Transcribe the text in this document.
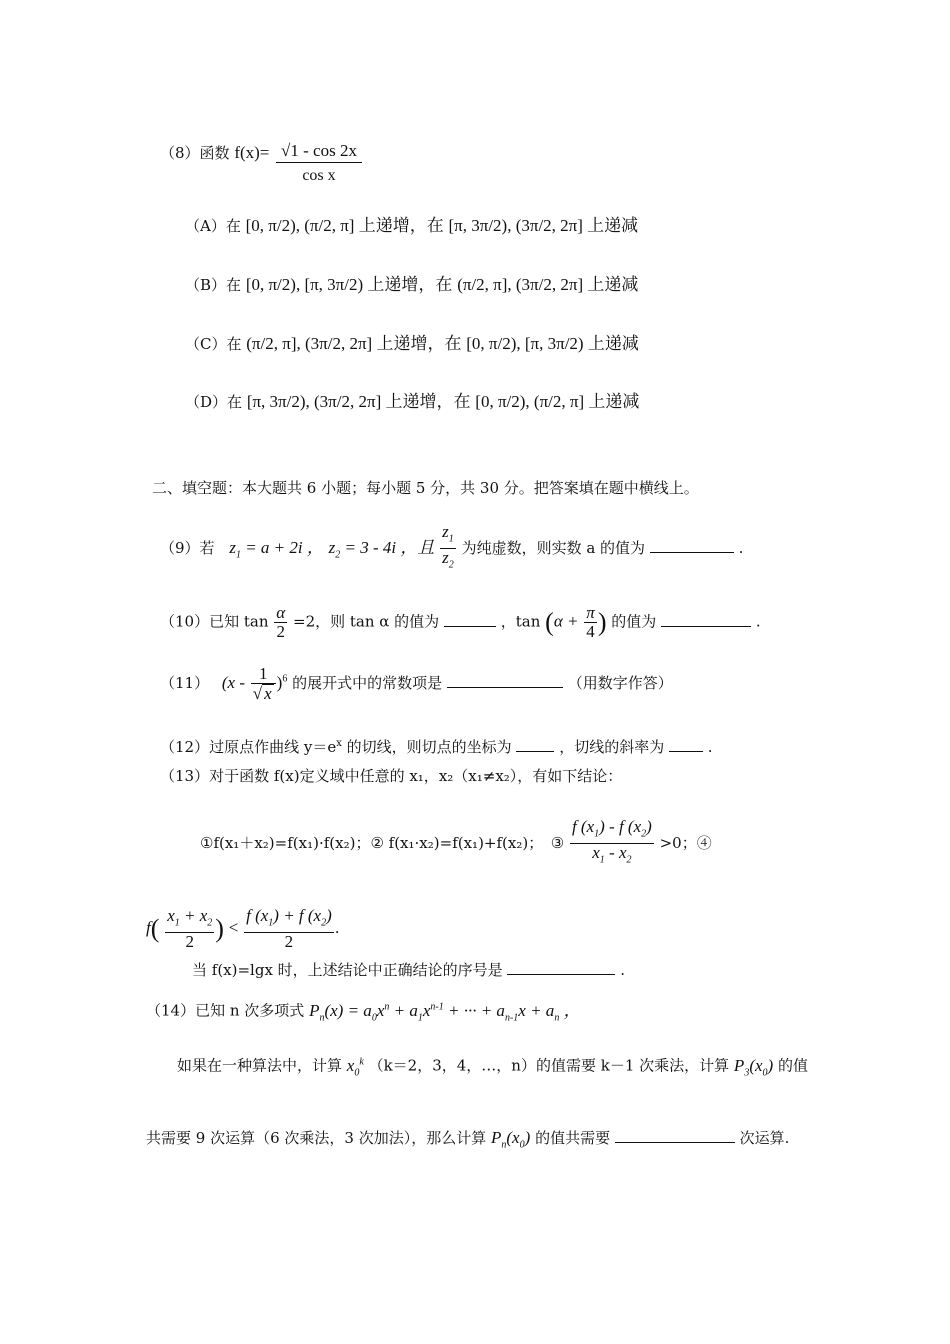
（8）函数 $f(x)= \frac{√1 - \cos 2x}{\text{cos x}}$
（A）在 [0, π/2), (π/2, π] 上递增，在 [π, 3π/2), (3π/2, 2π] 上递减
（B）在 [0, π/2), [π, 3π/2) 上递增，在 (π/2, π], (3π/2, 2π] 上递减
（C）在 (π/2, π], (3π/2, 2π] 上递增，在 [0, π/2), [π, 3π/2) 上递减
（D）在 [π, 3π/2), (3π/2, 2π] 上递增，在 [0, π/2), (π/2, π] 上递减
二、填空题：本大题共 6 小题；每小题 5 分，共 30 分。把答案填在题中横线上。
（9）若 $z_1 = a + 2i$ ， $z_2 = 3 - 4i$ ，且 $\frac{z_1}{z_2}$ 为纯虚数，则实数 a 的值为	.
（10）已知 $\tan \frac{\alpha}{2} =2$，则 tan α 的值为	，$\tan (\alpha + \frac{\pi}{4}$ ) 的值为	.
（11） $(x - \frac{1}{√ x} )^6$ 的展开式中的常数项是	（用数字作答）
（12）过原点作曲线 $y=e^x$ 的切线，则切点的坐标为	，切线的斜率为	.
（13）对于函数 f(x)定义域中任意的 x₁，x₂（x₁≠x₂），有如下结论：
①f(x₁＋x₂)=f(x₁)·f(x₂)；② f(x₁·x₂)=f(x₁)+f(x₂)；　③ $\frac{f (x_1) - f (x_2)}{x_1 - x_2} >0$；④
$f( \frac{x_1 + x_2}{2}$ ) < $\frac{f (x_1) + f (x_2)}{2}$ .
当 f(x)=lgx 时，上述结论中正确结论的序号是	.
（14）已知 n 次多项式 $P_n(x) = a_0x^n + a_1x^{n-1}$ + ··· + $a_{n-1}x + a_n$ ，
如果在一种算法中，计算 $x_0^k$ （k＝2，3，4，…，n）的值需要 k－1 次乘法，计算 $P_3(x_0)$ 的值
共需要 9 次运算（6 次乘法，3 次加法），那么计算 $P_n(x_0)$ 的值共需要	次运算.
